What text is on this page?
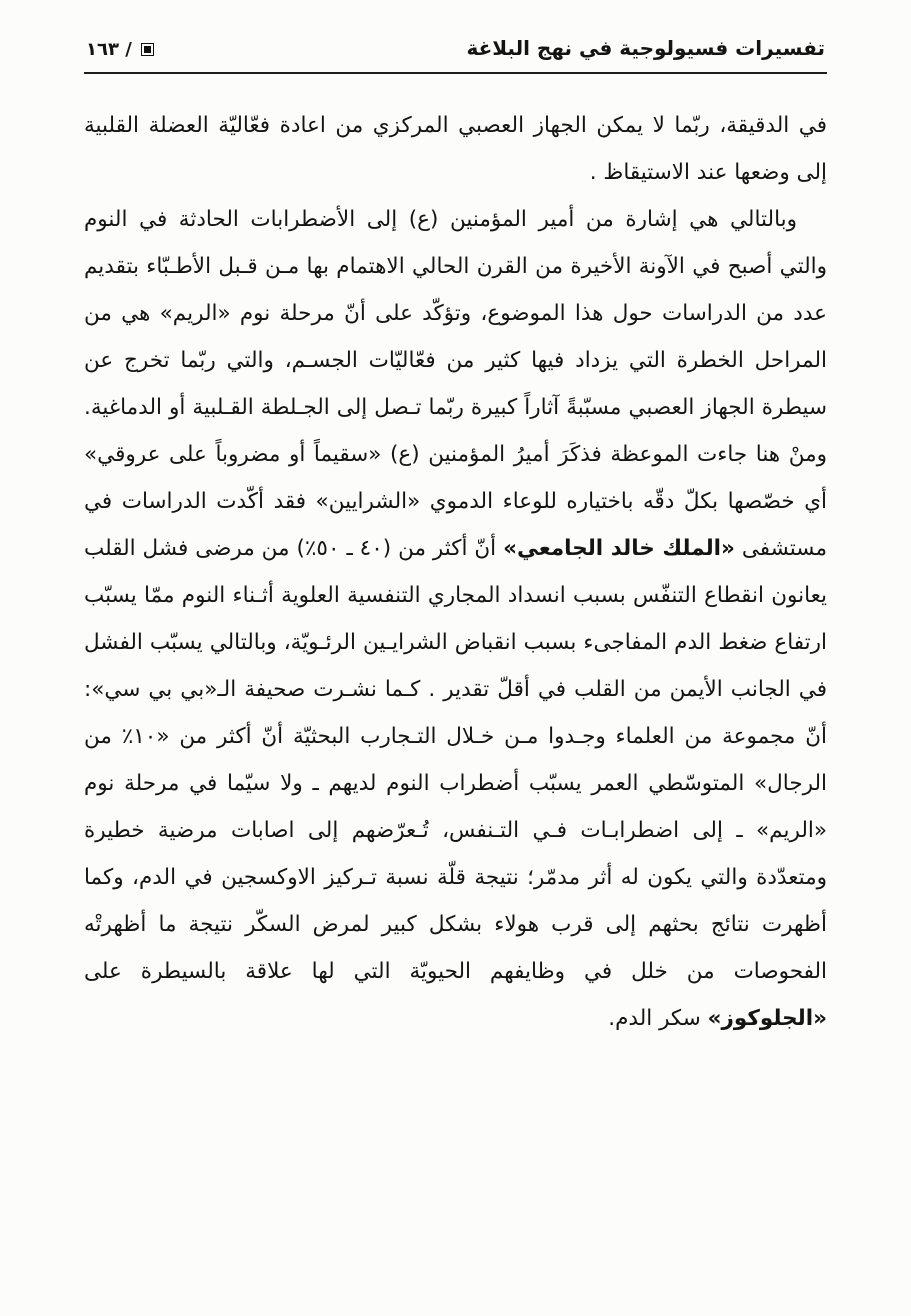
تفسيرات فسيولوجية في نهج البلاغة
١٦٣ /

في الدقيقة، ربّما لا يمكن الجهاز العصبي المركزي من اعادة فعّاليّة العضلة القلبية إلى وضعها عند الاستيقاظ .

وبالتالي هي إشارة من أمير المؤمنين (ع) إلى الأضطرابات الحادثة في النوم والتي أصبح في الآونة الأخيرة من القرن الحالي الاهتمام بها مـن قـبل الأطـبّاء بتقديم عدد من الدراسات حول هذا الموضوع، وتؤكّد على أنّ مرحلة نوم «الريم» هي من المراحل الخطرة التي يزداد فيها كثير من فعّاليّات الجسـم، والتي ربّما تخرج عن سيطرة الجهاز العصبي مسبّبةً آثاراً كبيرة ربّما تـصل إلى الجـلطة القـلبية أو الدماغية. ومنْ هنا جاءت الموعظة فذكَرَ أميرُ المؤمنين (ع) «سقيماً أو مضروباً على عروقي» أي خصّصها بكلّ دقّه باختياره للوعاء الدموي «الشرايين» فقد أكّدت الدراسات في مستشفى «الملك خالد الجامعي» أنّ أكثر من (٤٠ ـ ٥٠٪) من مرضى فشل القلب يعانون انقطاع التنفّس بسبب انسداد المجاري التنفسية العلوية أثـناء النوم ممّا يسبّب ارتفاع ضغط الدم المفاجىء بسبب انقباض الشرايـين الرئـويّة، وبالتالي يسبّب الفشل في الجانب الأيمن من القلب في أقلّ تقدير . كـما نشـرت صحيفة الـ«بي بي سي»: أنّ مجموعة من العلماء وجـدوا مـن خـلال التـجارب البحثيّة أنّ أكثر من «١٠٪ من الرجال» المتوسّطي العمر يسبّب أضطراب النوم لديهم ـ ولا سيّما في مرحلة نوم «الريم» ـ إلى اضطرابـات فـي التـنفس، تُـعرّضهم إلى اصابات مرضية خطيرة ومتعدّدة والتي يكون له أثر مدمّر؛ نتيجة قلّة نسبة تـركيز الاوكسجين في الدم، وكما أظهرت نتائج بحثهم إلى قرب هولاء بشكل كبير لمرض السكّر نتيجة ما أظهرتْه الفحوصات من خلل في وظايفهم الحيويّة التي لها علاقة بالسيطرة على «الجلوكوز» سكر الدم.
